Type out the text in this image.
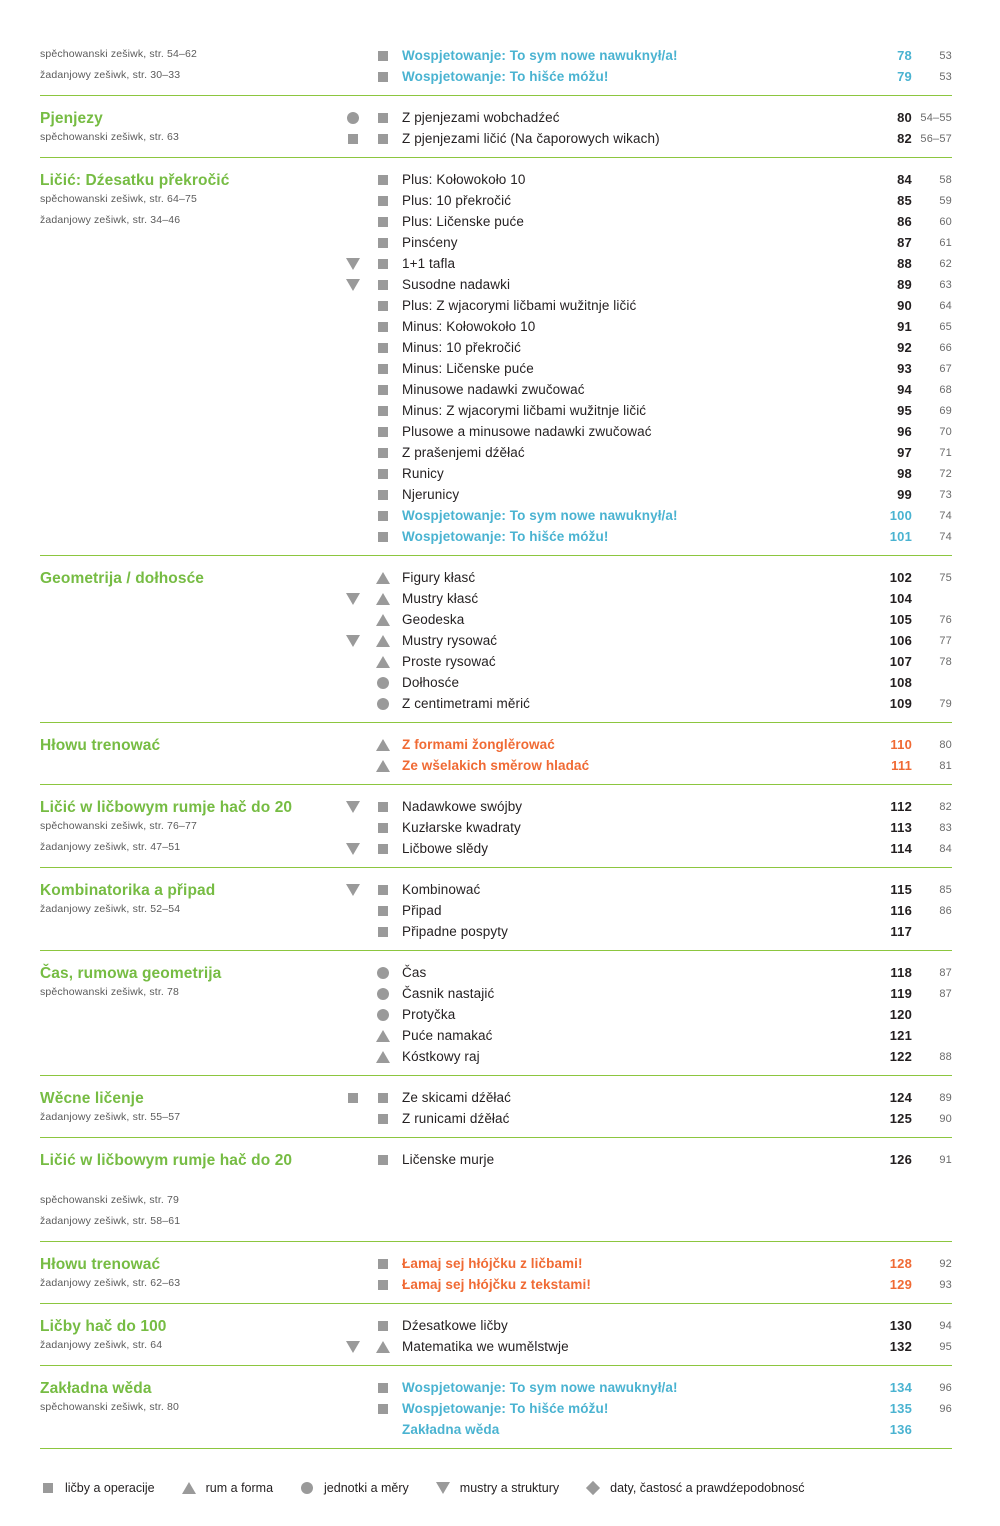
spěchowanski zešiwk, str. 54–62	Wospjetowanje: To sym nowe nawuknył/a!	78	53
žadanjowy zešiwk, str. 30–33	Wospjetowanje: To hišće móžu!	79	53
Pjenjezy	Z pjenjezami wobchadźeć	80 54–55
spěchowanski zešiwk, str. 63	Z pjenjezami ličić (Na čaporowych wikach)	82 56–57
Ličić: Dźesatku překročić	Plus: Kołowokoło 10	84	58
spěchowanski zešiwk, str. 64–75	Plus: 10 překročić	85	59
žadanjowy zešiwk, str. 34–46	Plus: Ličenske puće	86	60

Pinsćeny	87	61

1+1 tafla	88	62

Susodne nadawki	89	63

Plus: Z wjacorymi ličbami wužitnje ličić	90	64

Minus: Kołowokoło 10	91	65

Minus: 10 překročić	92	66

Minus: Ličenske puće	93	67

Minusowe nadawki zwučować	94	68

Minus: Z wjacorymi ličbami wužitnje ličić	95	69

Plusowe a minusowe nadawki zwučować	96	70

Z prašenjemi dźěłać	97	71

Runicy	98	72

Njerunicy	99	73

Wospjetowanje: To sym nowe nawuknył/a!	100	74

Wospjetowanje: To hišće móžu!	101	74
Geometrija / dołhosće	Figury kłasć	102	75

Mustry kłasć	104

Geodeska	105	76

Mustry rysować	106	77

Proste rysować	107	78

Dołhosće	108

Z centimetrami měrić	109	79
Hłowu trenować	Z formami žonglěrować	110	80

Ze wšelakich směrow hladać	111	81
Ličić w ličbowym rumje hač do 20	Nadawkowe swójby	112	82
spěchowanski zešiwk, str. 76–77	Kuzłarske kwadraty	113	83
žadanjowy zešiwk, str. 47–51	Ličbowe slědy	114	84
Kombinatorika a připad	Kombinować	115	85
žadanjowy zešiwk, str. 52–54	Připad	116	86

Připadne pospyty	117
Čas, rumowa geometrija	Čas	118	87
spěchowanski zešiwk, str. 78	Časnik nastajić	119	87

Protyčka	120

Puće namakać	121

Kóstkowy raj	122	88
Wěcne ličenje	Ze skicami dźěłać	124	89
žadanjowy zešiwk, str. 55–57	Z runicami dźěłać	125	90
Ličić w ličbowym rumje hač do 20	Ličenske murje	126	91

spěchowanski zešiwk, str. 79

žadanjowy zešiwk, str. 58–61

Hłowu trenować	Łamaj sej hłójčku z ličbami!	128	92
žadanjowy zešiwk, str. 62–63	Łamaj sej hłójčku z tekstami!	129	93
Ličby hač do 100	Dźesatkowe ličby	130	94
žadanjowy zešiwk, str. 64	Matematika we wumělstwje	132	95
Zakładna wěda	Wospjetowanje: To sym nowe nawuknył/a!	134	96
spěchowanski zešiwk, str. 80	Wospjetowanje: To hišće móžu!	135	96

Zakładna wěda	136
ličby a operacije	rum a forma	jednotki a měry	mustry a struktury	daty, častosć a prawdźepodobnosć
